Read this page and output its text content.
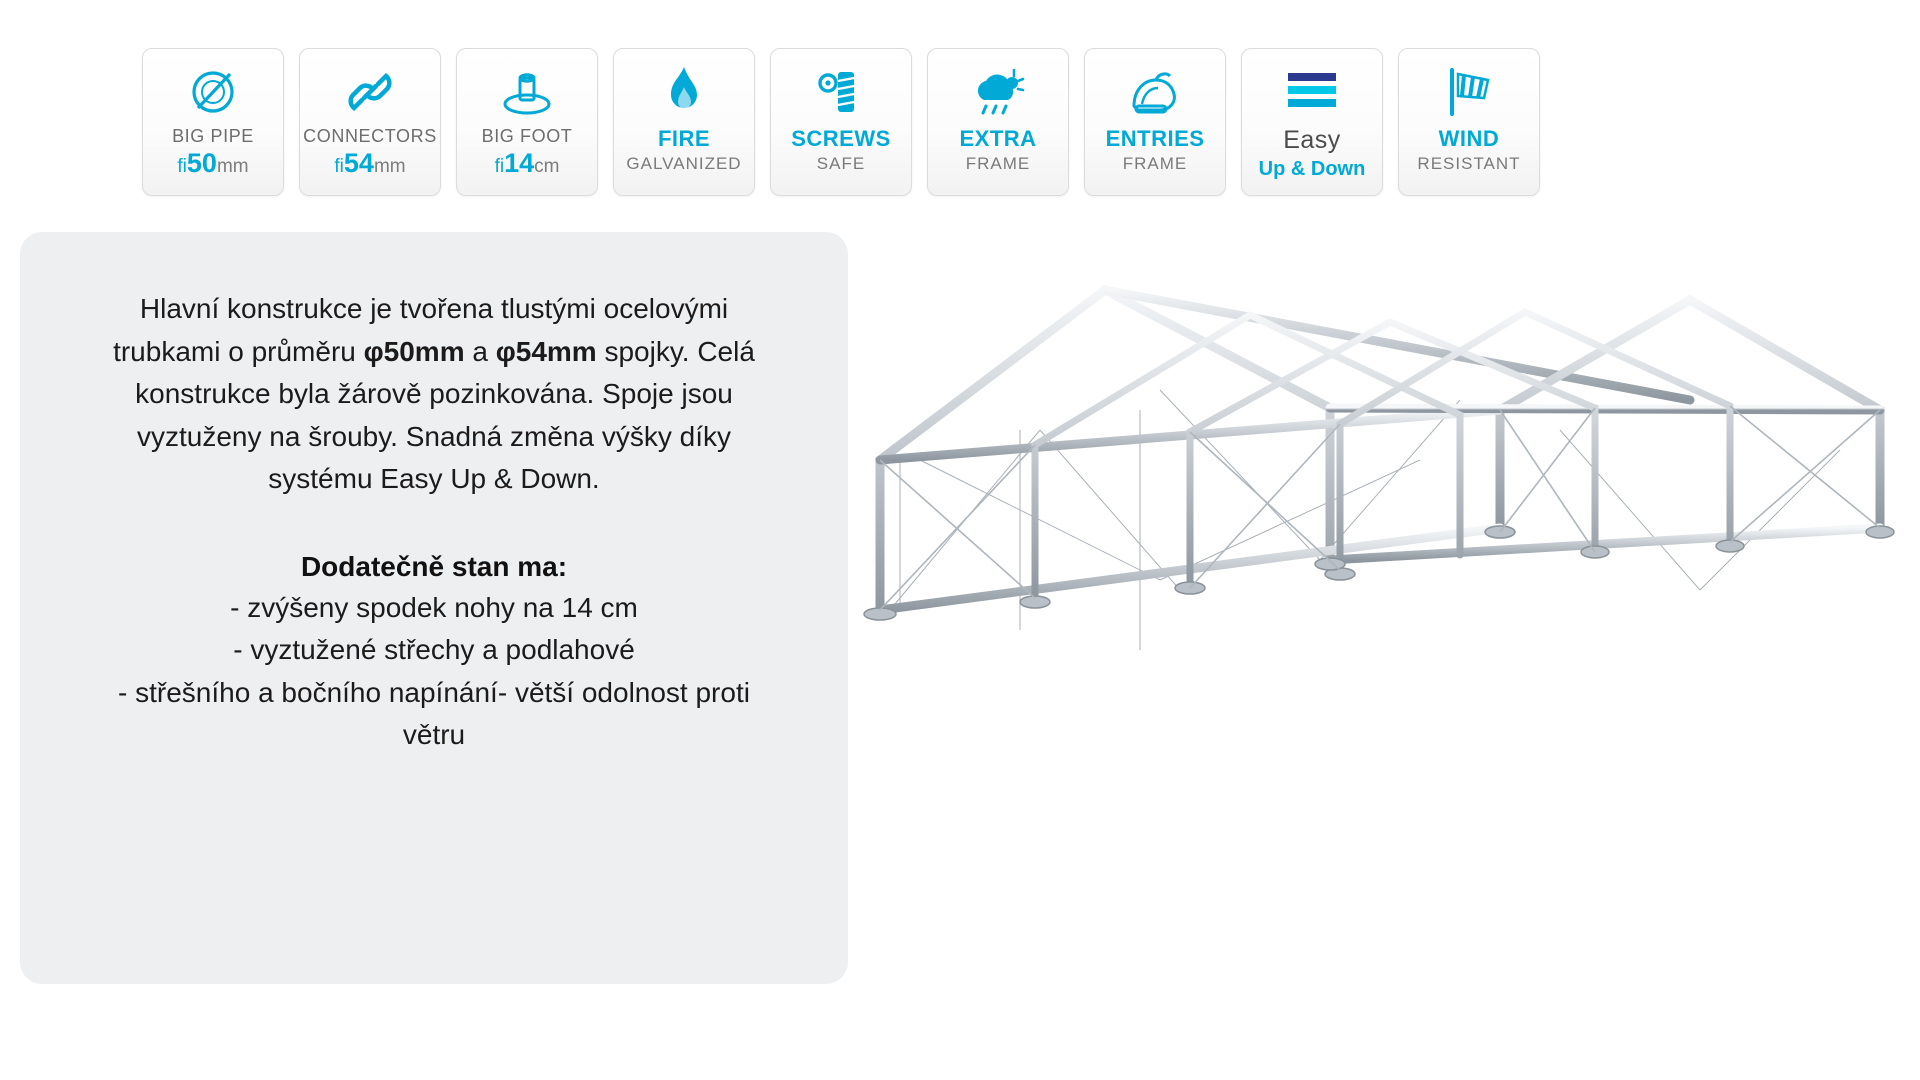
BIG PIPE
fi50mm
CONNECTORS
fi54mm
BIG FOOT
fi14cm
FIRE
GALVANIZED
SCREWS
SAFE
EXTRA
FRAME
ENTRIES
FRAME
Easy
Up & Down
WIND
RESISTANT

Hlavní konstrukce je tvořena tlustými ocelovými trubkami o průměru φ50mm a φ54mm spojky. Celá konstrukce byla žárově pozinkována. Spoje jsou vyztuženy na šrouby. Snadná změna výšky díky systému Easy Up & Down.

Dodatečně stan ma:

- zvýšeny spodek nohy na 14 cm
- vyztužené střechy a podlahové
- střešního a bočního napínání- větší odolnost proti větru
